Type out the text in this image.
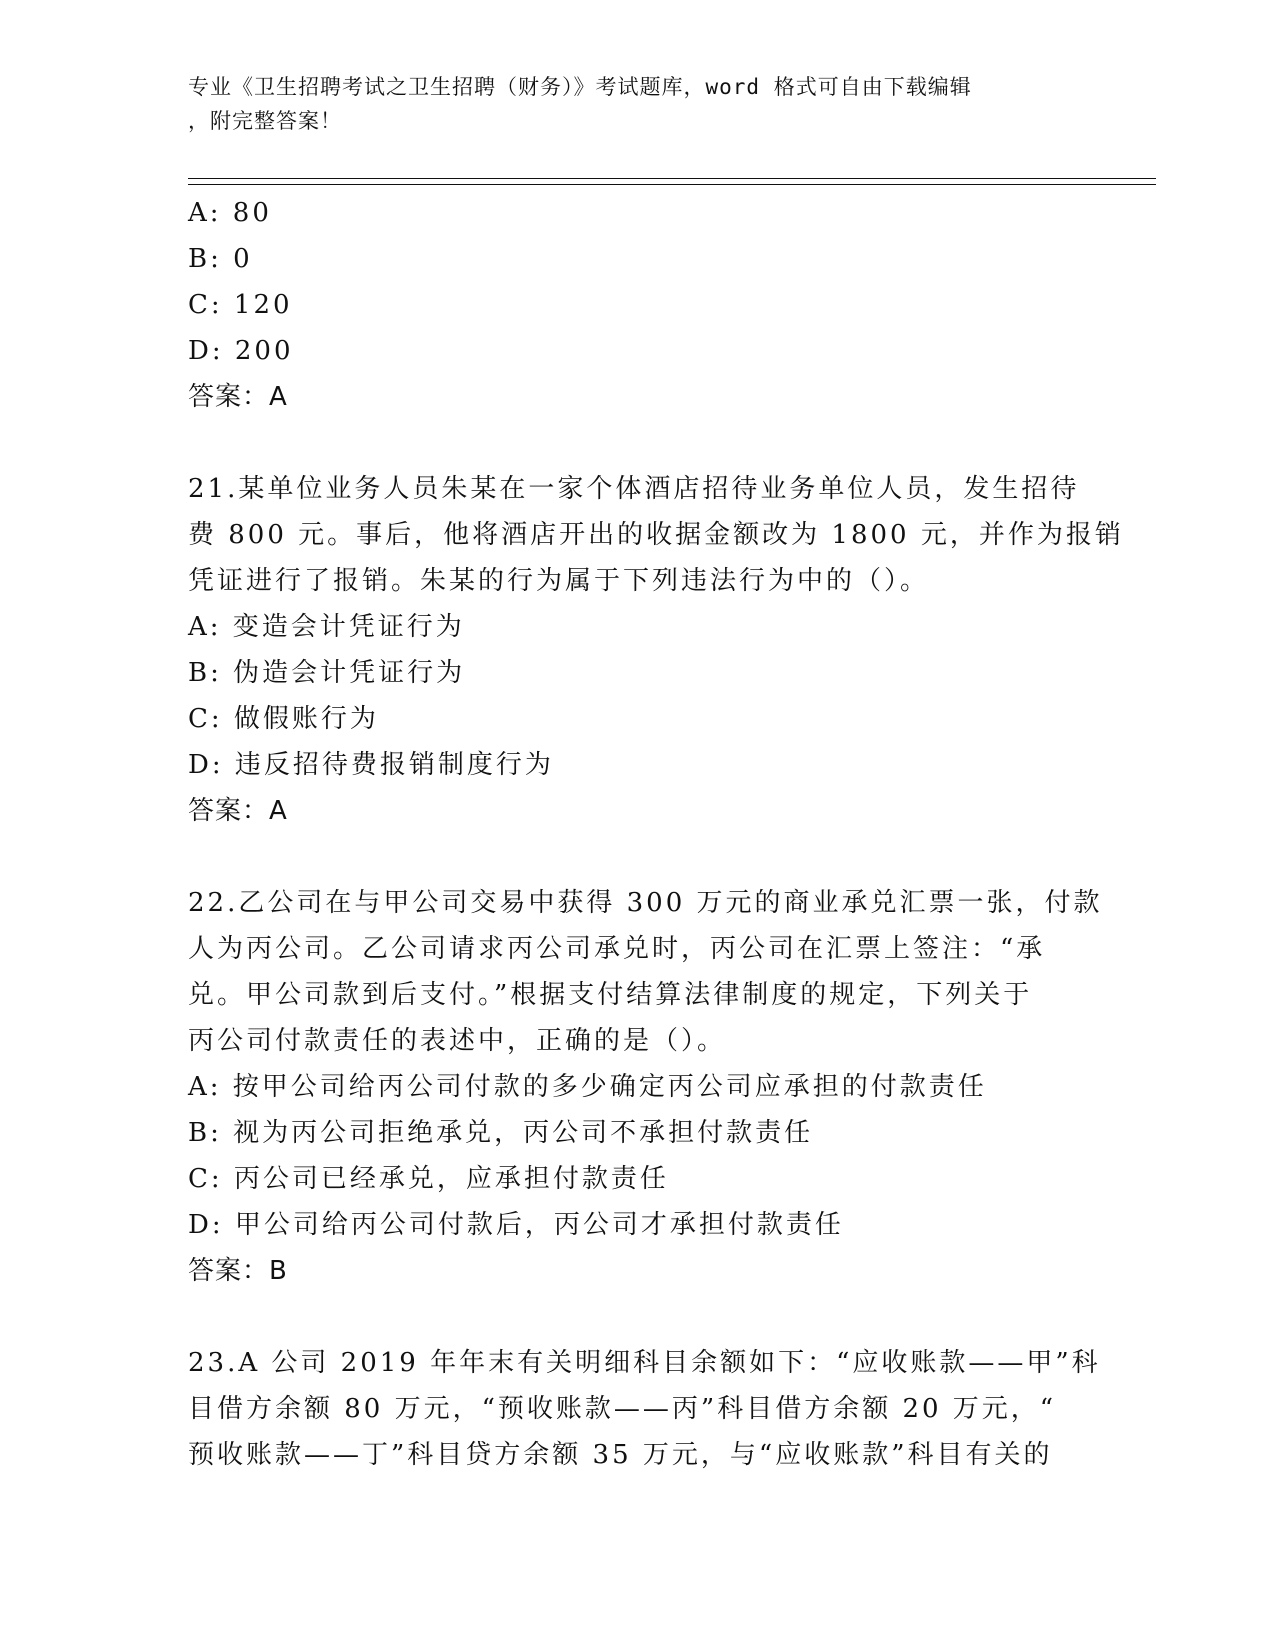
专业《卫生招聘考试之卫生招聘（财务）》考试题库，word 格式可自由下载编辑
，附完整答案！
A: 80
B: 0
C: 120
D: 200
答案：A
21.某单位业务人员朱某在一家个体酒店招待业务单位人员，发生招待
费 800 元。事后，他将酒店开出的收据金额改为 1800 元，并作为报销
凭证进行了报销。朱某的行为属于下列违法行为中的（）。
A: 变造会计凭证行为
B: 伪造会计凭证行为
C: 做假账行为
D: 违反招待费报销制度行为
答案：A
22.乙公司在与甲公司交易中获得 300 万元的商业承兑汇票一张，付款
人为丙公司。乙公司请求丙公司承兑时，丙公司在汇票上签注：“承
兑。甲公司款到后支付。”根据支付结算法律制度的规定，下列关于
丙公司付款责任的表述中，正确的是（）。
A: 按甲公司给丙公司付款的多少确定丙公司应承担的付款责任
B: 视为丙公司拒绝承兑，丙公司不承担付款责任
C: 丙公司已经承兑，应承担付款责任
D: 甲公司给丙公司付款后，丙公司才承担付款责任
答案：B
23.A 公司 2019 年年末有关明细科目余额如下：“应收账款——甲”科
目借方余额 80 万元，“预收账款——丙”科目借方余额 20 万元，“
预收账款——丁”科目贷方余额 35 万元，与“应收账款”科目有关的
